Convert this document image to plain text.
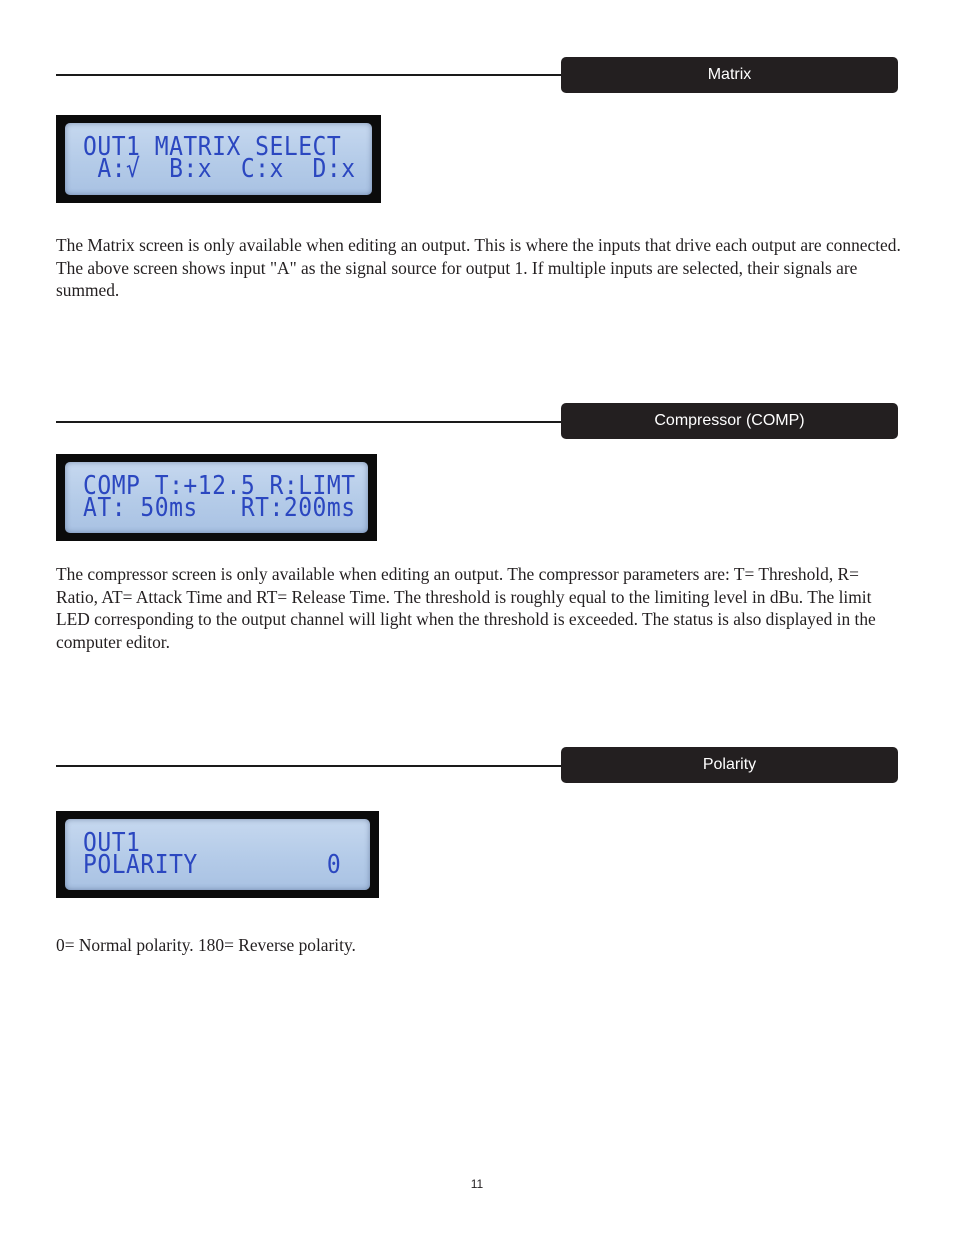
Matrix
OUT1 MATRIX SELECT
A:√  B:x  C:x  D:x

The Matrix screen is only available when editing an output. This is where the inputs that drive each output are connected. The above screen shows input "A" as the signal source for output 1. If multiple inputs are selected, their signals are summed.

Compressor (COMP)
COMP T:+12.5 R:LIMT
AT: 50ms   RT:200ms

The compressor screen is only available when editing an output. The compressor parameters are: T= Threshold, R= Ratio, AT= Attack Time and RT= Release Time. The threshold is roughly equal to the limiting level in dBu. The limit LED corresponding to the output channel will light when the threshold is exceeded. The status is also displayed in the computer editor.

Polarity
OUT1
POLARITY         0

0= Normal polarity. 180= Reverse polarity.

11
